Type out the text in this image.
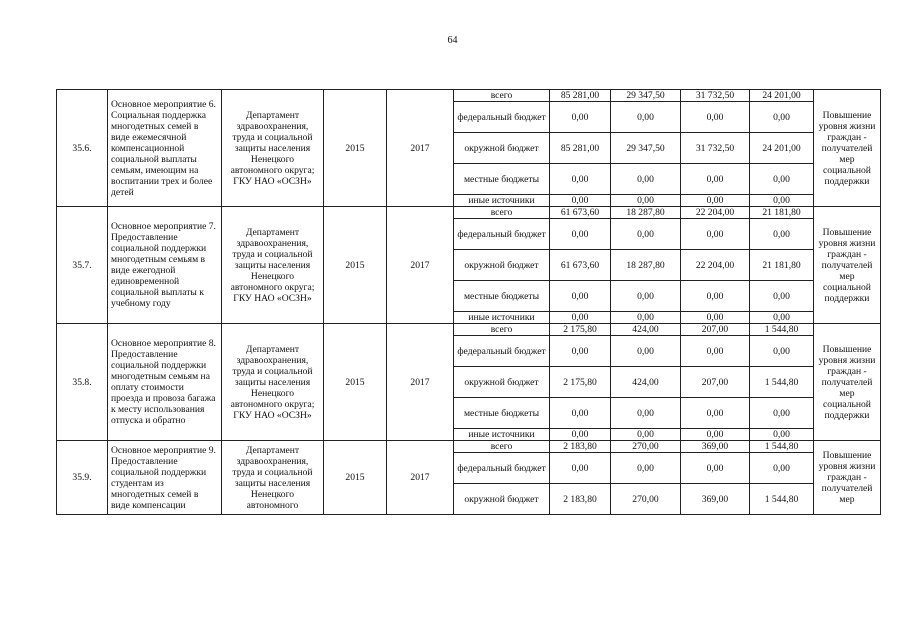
64
35.6.	Основное мероприятие 6. Социальная поддержка многодетных семей в виде ежемесячной компенсационной социальной выплаты семьям, имеющим на воспитании трех и более детей	Департамент здравоохранения, труда и социальной защиты населения Ненецкого автономного округа; ГКУ НАО «ОСЗН»	2015	2017	всего	85 281,00	29 347,50	31 732,50	24 201,00	Повышение уровня жизни граждан - получателей мер социальной поддержки
					федеральный бюджет	0,00	0,00	0,00	0,00	
					окружной бюджет	85 281,00	29 347,50	31 732,50	24 201,00	
					местные бюджеты	0,00	0,00	0,00	0,00	
					иные источники	0,00	0,00	0,00	0,00	
35.7.	Основное мероприятие 7. Предоставление социальной поддержки многодетным семьям в виде ежегодной единовременной социальной выплаты к учебному году	Департамент здравоохранения, труда и социальной защиты населения Ненецкого автономного округа; ГКУ НАО «ОСЗН»	2015	2017	всего	61 673,60	18 287,80	22 204,00	21 181,80	Повышение уровня жизни граждан - получателей мер социальной поддержки
					федеральный бюджет	0,00	0,00	0,00	0,00	
					окружной бюджет	61 673,60	18 287,80	22 204,00	21 181,80	
					местные бюджеты	0,00	0,00	0,00	0,00	
					иные источники	0,00	0,00	0,00	0,00	
35.8.	Основное мероприятие 8. Предоставление социальной поддержки многодетным семьям на оплату стоимости проезда и провоза багажа к месту использования отпуска и обратно	Департамент здравоохранения, труда и социальной защиты населения Ненецкого автономного округа; ГКУ НАО «ОСЗН»	2015	2017	всего	2 175,80	424,00	207,00	1 544,80	Повышение уровня жизни граждан - получателей мер социальной поддержки
					федеральный бюджет	0,00	0,00	0,00	0,00	
					окружной бюджет	2 175,80	424,00	207,00	1 544,80	
					местные бюджеты	0,00	0,00	0,00	0,00	
					иные источники	0,00	0,00	0,00	0,00	
35.9.	Основное мероприятие 9. Предоставление социальной поддержки студентам из многодетных семей в виде компенсации	Департамент здравоохранения, труда и социальной защиты населения Ненецкого автономного	2015	2017	всего	2 183,80	270,00	369,00	1 544,80	Повышение уровня жизни граждан - получателей мер
					федеральный бюджет	0,00	0,00	0,00	0,00	
					окружной бюджет	2 183,80	270,00	369,00	1 544,80	
